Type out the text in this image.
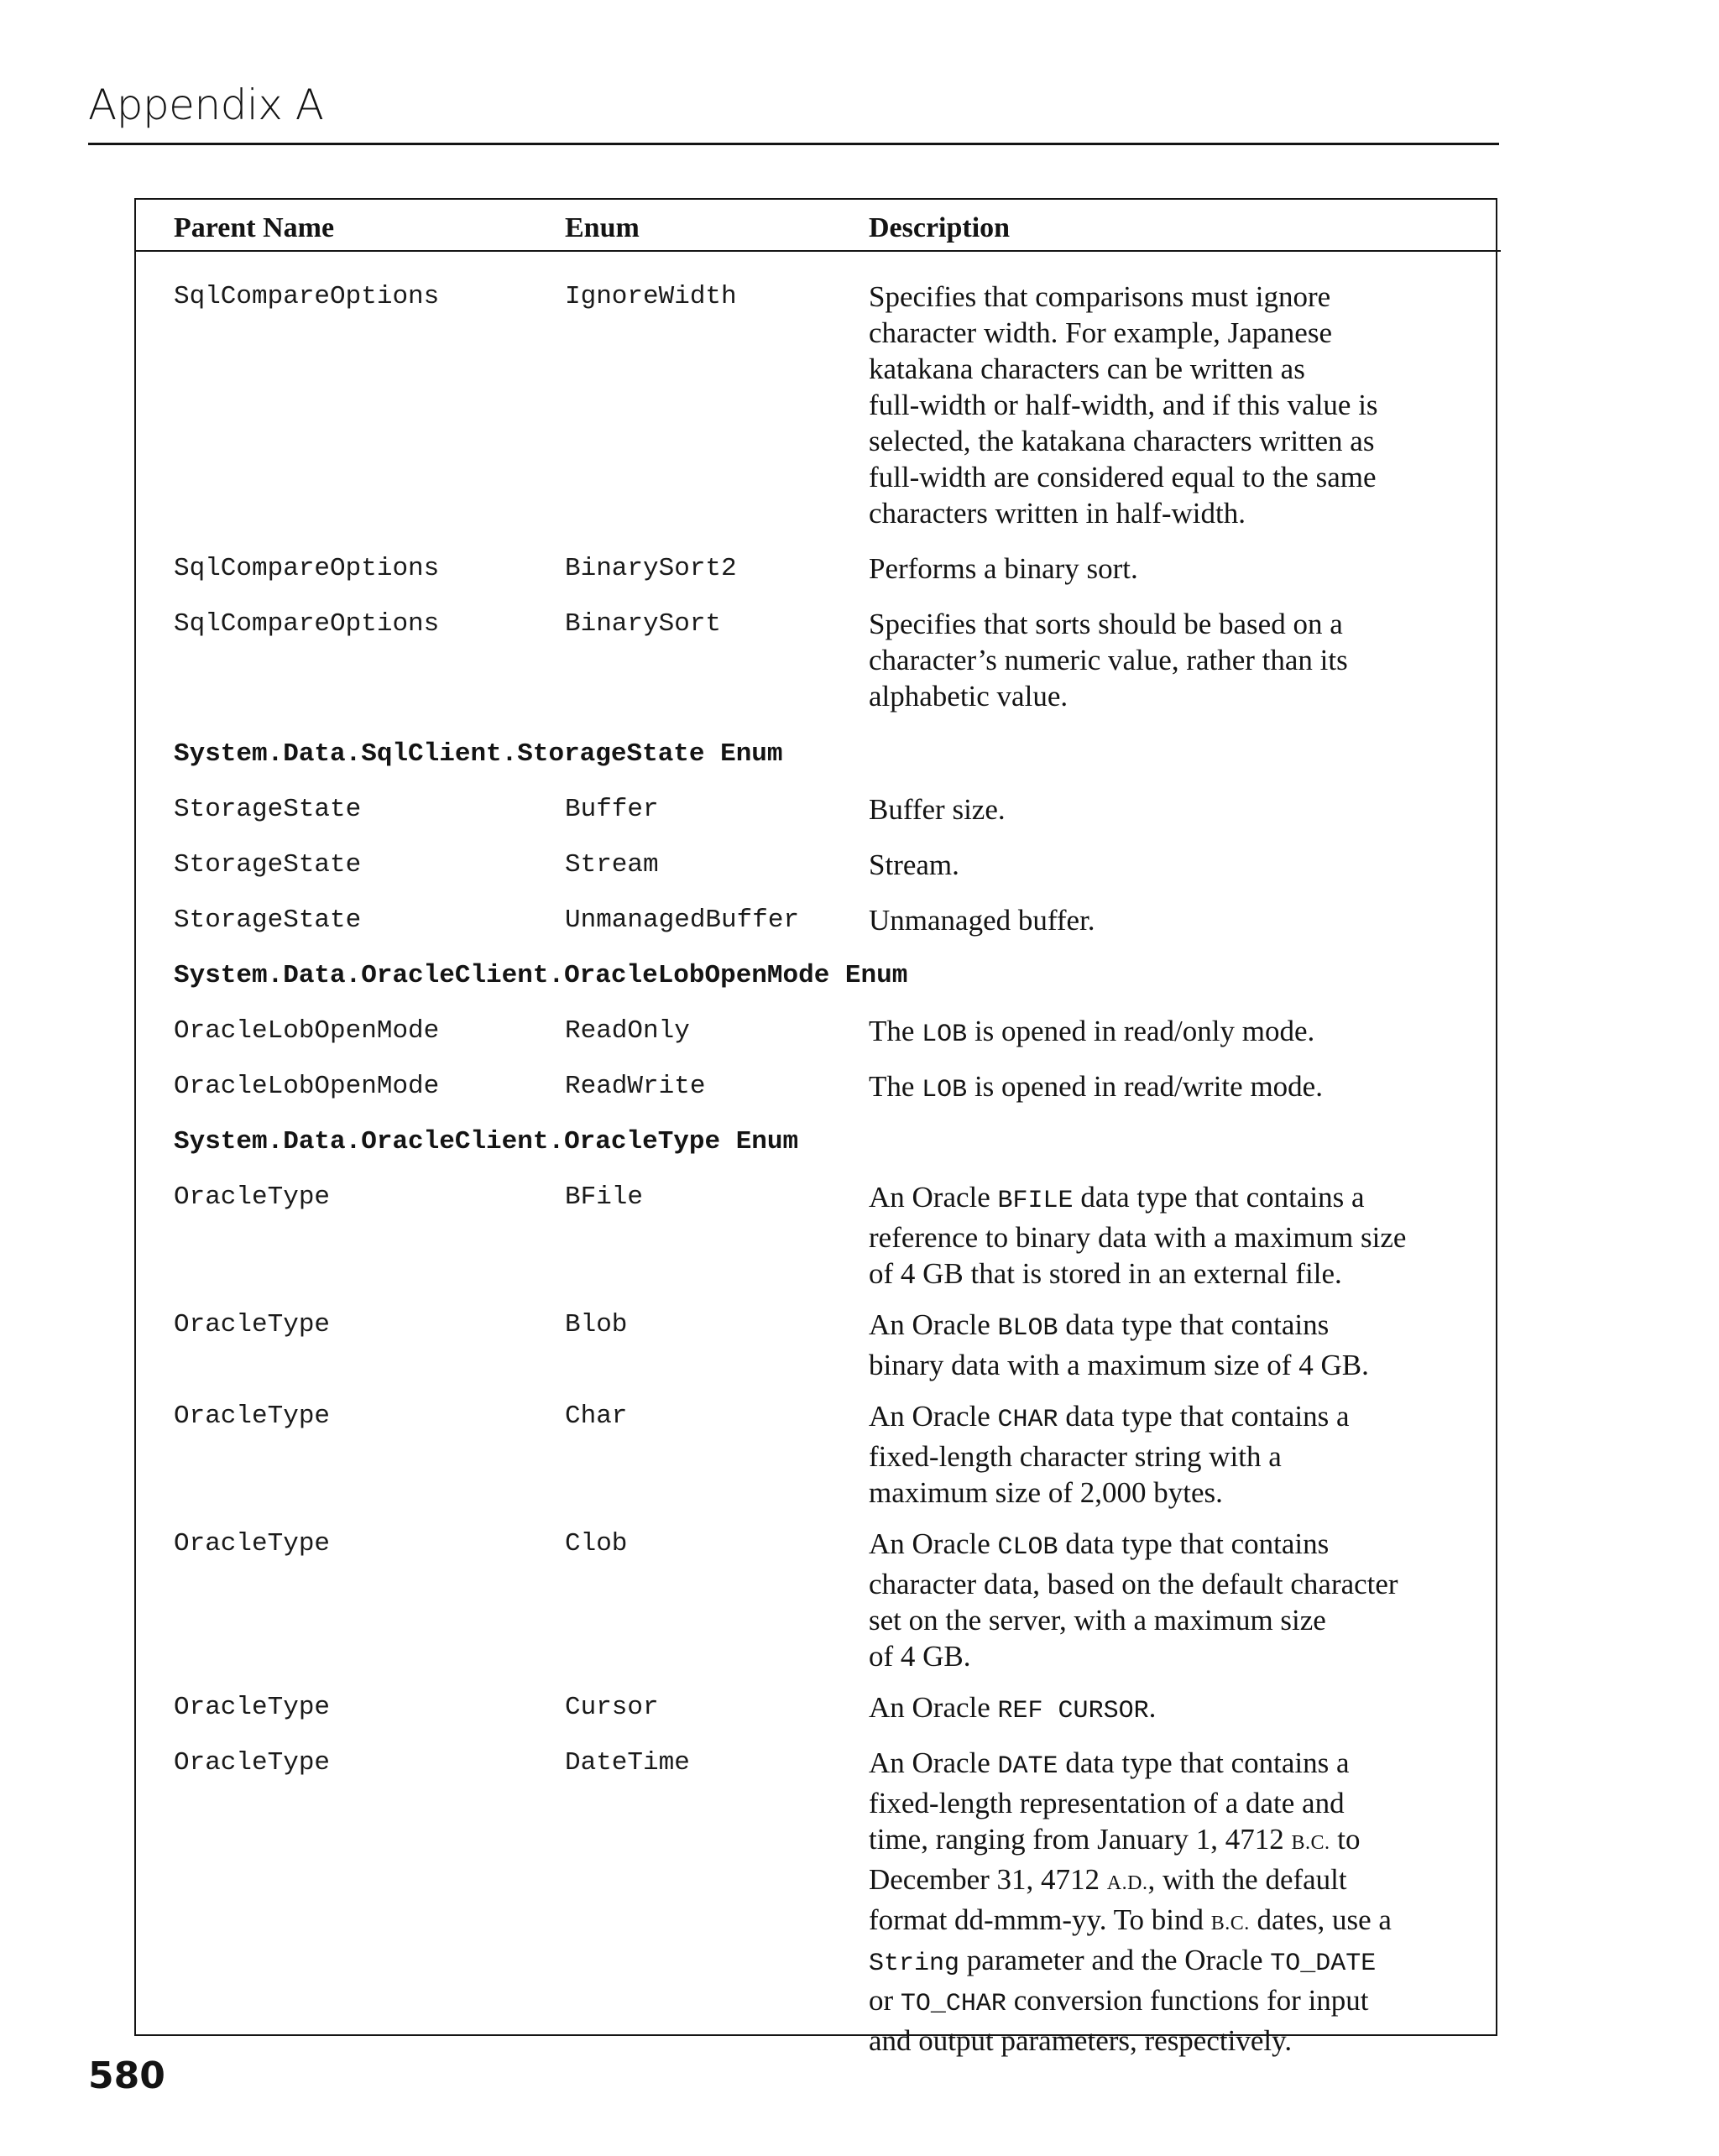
Appendix A
Parent Name	Enum	Description
SqlCompareOptions	IgnoreWidth	Specifies that comparisons must ignore
character width. For example, Japanese
katakana characters can be written as
full-width or half-width, and if this value is
selected, the katakana characters written as
full-width are considered equal to the same
characters written in half-width.
SqlCompareOptions	BinarySort2	Performs a binary sort.
SqlCompareOptions	BinarySort	Specifies that sorts should be based on a
character’s numeric value, rather than its
alphabetic value.
System.Data.SqlClient.StorageState Enum
StorageState	Buffer	Buffer size.
StorageState	Stream	Stream.
StorageState	UnmanagedBuffer Unmanaged buffer.
System.Data.OracleClient.OracleLobOpenMode Enum
OracleLobOpenMode	ReadOnly	The LOB is opened in read/only mode.
OracleLobOpenMode	ReadWrite	The LOB is opened in read/write mode.
System.Data.OracleClient.OracleType Enum
OracleType	BFile	An Oracle BFILE data type that contains a
reference to binary data with a maximum size
of 4 GB that is stored in an external file.
OracleType	Blob	An Oracle BLOB data type that contains
binary data with a maximum size of 4 GB.
OracleType	Char	An Oracle CHAR data type that contains a
fixed-length character string with a
maximum size of 2,000 bytes.
OracleType	Clob	An Oracle CLOB data type that contains
character data, based on the default character
set on the server, with a maximum size
of 4 GB.
OracleType	Cursor	An Oracle REF CURSOR.
OracleType	DateTime	An Oracle DATE data type that contains a
fixed-length representation of a date and
time, ranging from January 1, 4712 B.C. to
December 31, 4712 A.D., with the default
format dd-mmm-yy. To bind B.C. dates, use a
String parameter and the Oracle TO_DATE
or TO_CHAR conversion functions for input
and output parameters, respectively.
580
